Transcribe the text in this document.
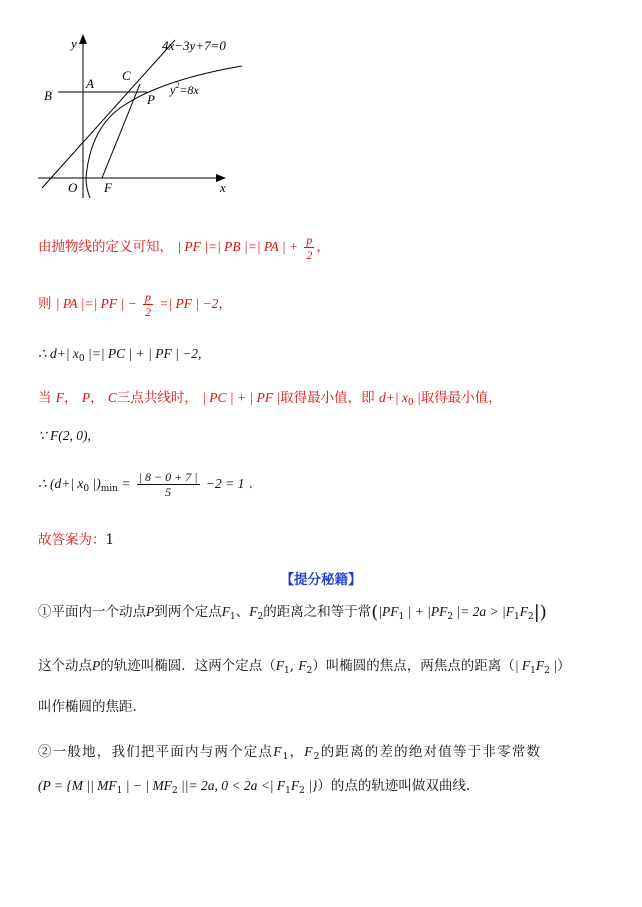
y
x
4x−3y+7=0
$y^2=8x$
B
A
C
P
O F
由抛物线的定义可知， | PF |=| PB |=| PA | + $\frac{p}{2}$ ，
则 | PA |=| PF | − $\frac{p}{2}$ =| PF | −2，
∴ d+| $x_0$ |=| PC | + | PF | −2,
当 F， P， C三点共线时， | PC | + | PF |取得最小值，即 d+| $x_0$ |取得最小值，
∵ F(2, 0),
∴ (d+| $x_0$ $|)_{min} = \frac{| 8 - 0 + 7 |}{5} -2 = 1$ .
故答案为：1
【提分秘籍】
①平面内一个动点P到两个定点$F_1$、$F_2$的距离之和等于常($|PF_1$ | + $|PF_2$ |= $2a > |F_1F_2|$)
这个动点P的轨迹叫椭圆．这两个定点（$F_1$, $F_2$）叫椭圆的焦点，两焦点的距离（| $F_1F_2$ |）
叫作椭圆的焦距.
②一般地，我们把平面内与两个定点$F_1$，$F_2$的距离的差的绝对值等于非零常数
(P = {M || $MF_1$ | − | $MF_2$ ||= 2a, 0 < 2a <| $F_1F_2$ |}）的点的轨迹叫做双曲线.
